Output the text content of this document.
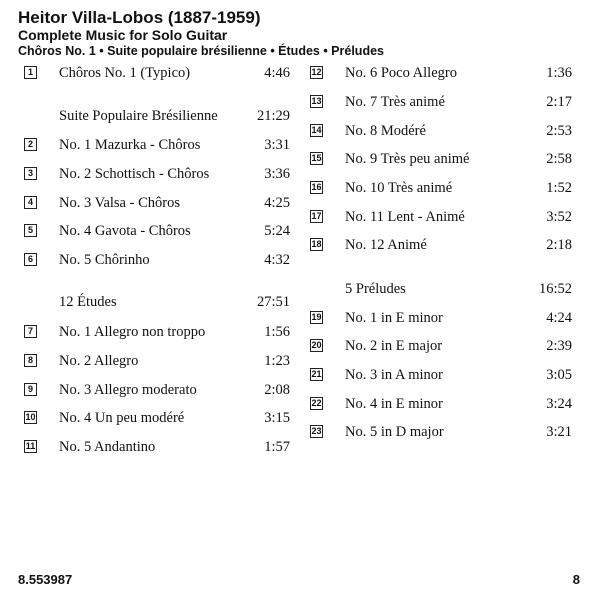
Heitor Villa-Lobos (1887-1959)
Complete Music for Solo Guitar
Chôros No. 1 • Suite populaire brésilienne • Études • Préludes
1 Chôros No. 1 (Typico)	4:46
Suite Populaire Brésilienne	21:29
2 No. 1 Mazurka - Chôros	3:31
3 No. 2 Schottisch - Chôros	3:36
4 No. 3 Valsa - Chôros	4:25
5 No. 4 Gavota - Chôros	5:24
6 No. 5 Chôrinho	4:32
12 Études	27:51
7 No. 1 Allegro non troppo	1:56
8 No. 2 Allegro	1:23
9 No. 3 Allegro moderato	2:08
10 No. 4 Un peu modéré	3:15
11 No. 5 Andantino	1:57
12 No. 6 Poco Allegro	1:36
13 No. 7 Très animé	2:17
14 No. 8 Modéré	2:53
15 No. 9 Très peu animé	2:58
16 No. 10 Très animé	1:52
17 No. 11 Lent - Animé	3:52
18 No. 12 Animé	2:18
5 Préludes	16:52
19 No. 1 in E minor	4:24
20 No. 2 in E major	2:39
21 No. 3 in A minor	3:05
22 No. 4 in E minor	3:24
23 No. 5 in D major	3:21
8.553987	8
